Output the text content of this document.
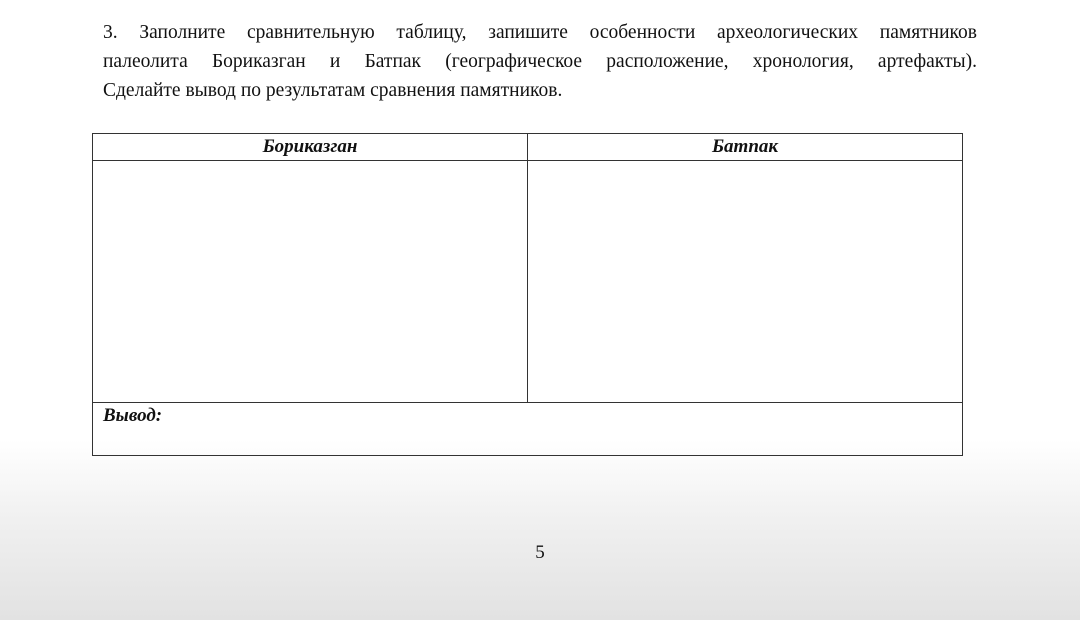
3. Заполните сравнительную таблицу, запишите особенности археологических памятников
палеолита Бориказган и Батпак (географическое расположение, хронология, артефакты).
Сделайте вывод по результатам сравнения памятников.
Бориказган	Батпак

Вывод:	
5
